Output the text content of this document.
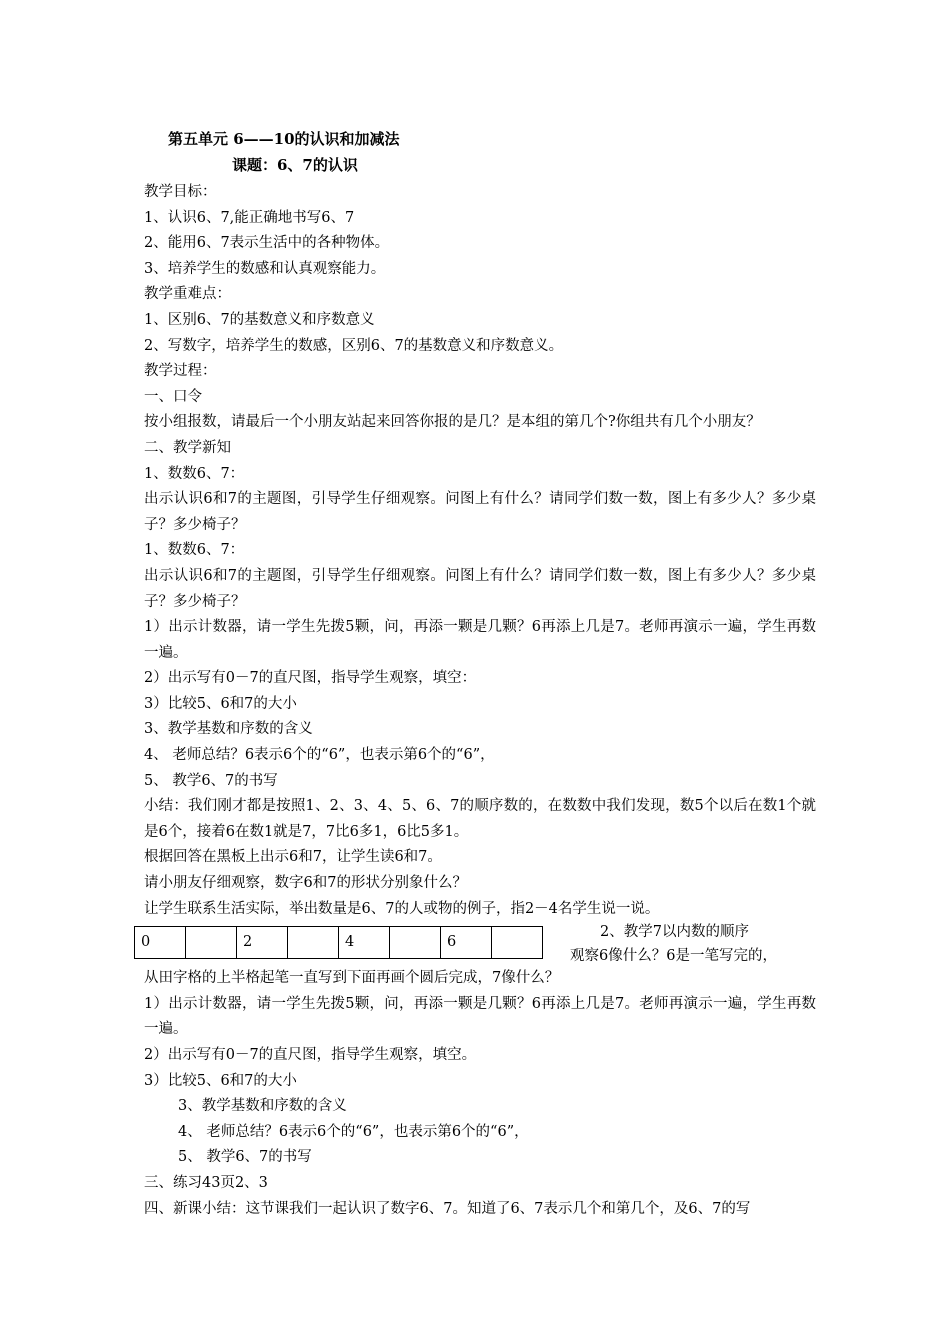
第五单元 6——10的认识和加减法
课题：6、7的认识
教学目标：
1、认识6、7,能正确地书写6、7
2、能用6、7表示生活中的各种物体。
3、培养学生的数感和认真观察能力。
教学重难点：
1、区别6、7的基数意义和序数意义
2、写数字，培养学生的数感，区别6、7的基数意义和序数意义。
教学过程：
一、口令
按小组报数，请最后一个小朋友站起来回答你报的是几？是本组的第几个?你组共有几个小朋友？
二、教学新知
1、数数6、7：
出示认识6和7的主题图，引导学生仔细观察。问图上有什么？请同学们数一数，图上有多少人？多少桌子？多少椅子？
1、数数6、7：
出示认识6和7的主题图，引导学生仔细观察。问图上有什么？请同学们数一数，图上有多少人？多少桌子？多少椅子？
1）出示计数器，请一学生先拨5颗，问，再添一颗是几颗？6再添上几是7。老师再演示一遍，学生再数一遍。
2）出示写有0－7的直尺图，指导学生观察，填空：
3）比较5、6和7的大小
3、教学基数和序数的含义
4、 老师总结？6表示6个的“6”，也表示第6个的“6”，
5、 教学6、7的书写
小结：我们刚才都是按照1、2、3、4、5、6、7的顺序数的，在数数中我们发现，数5个以后在数1个就是6个，接着6在数1就是7，7比6多1，6比5多1。
根据回答在黑板上出示6和7，让学生读6和7。
请小朋友仔细观察，数字6和7的形状分别象什么？
让学生联系生活实际，举出数量是6、7的人或物的例子，指2－4名学生说一说。
0		2		4		6	
2、教学7以内数的顺序
观察6像什么？6是一笔写完的，
从田字格的上半格起笔一直写到下面再画个圆后完成，7像什么？
1）出示计数器，请一学生先拨5颗，问，再添一颗是几颗？6再添上几是7。老师再演示一遍，学生再数一遍。
2）出示写有0－7的直尺图，指导学生观察，填空。
3）比较5、6和7的大小
3、教学基数和序数的含义
4、 老师总结？6表示6个的“6”，也表示第6个的“6”，
5、 教学6、7的书写
三、练习43页2、3
四、新课小结：这节课我们一起认识了数字6、7。知道了6、7表示几个和第几个，及6、7的写
